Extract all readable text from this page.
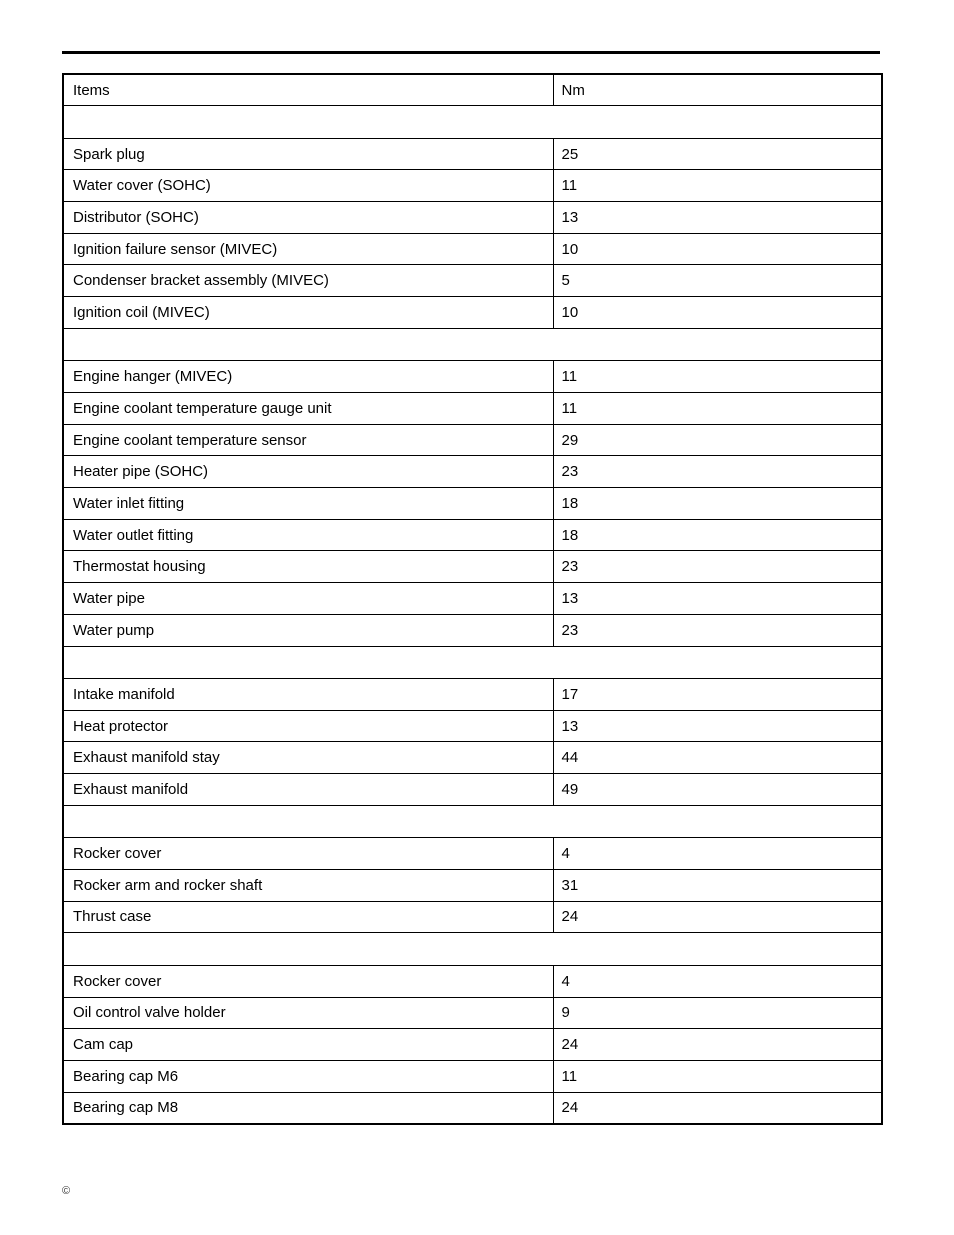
Items	Nm

Spark plug	25
Water cover (SOHC)	11
Distributor (SOHC)	13
Ignition failure sensor (MIVEC)	10
Condenser bracket assembly (MIVEC)	5
Ignition coil (MIVEC)	10

Engine hanger (MIVEC)	11
Engine coolant temperature gauge unit	11
Engine coolant temperature sensor	29
Heater pipe (SOHC)	23
Water inlet fitting	18
Water outlet fitting	18
Thermostat housing	23
Water pipe	13
Water pump	23

Intake manifold	17
Heat protector	13
Exhaust manifold stay	44
Exhaust manifold	49

Rocker cover	4
Rocker arm and rocker shaft	31
Thrust case	24

Rocker cover	4
Oil control valve holder	9
Cam cap	24
Bearing cap M6	11
Bearing cap M8	24
©
